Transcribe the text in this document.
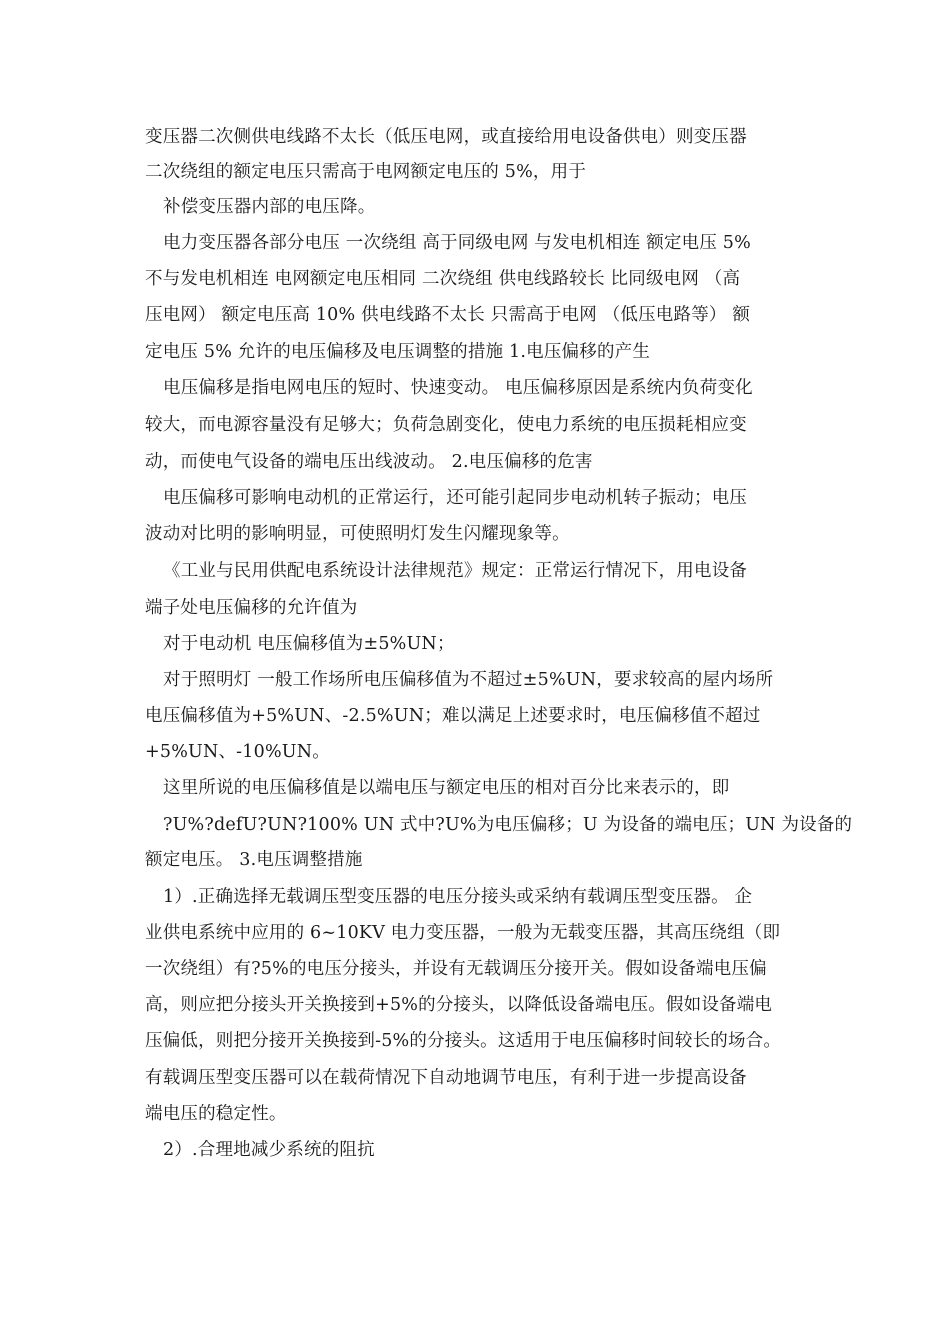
变压器二次侧供电线路不太长（低压电网，或直接给用电设备供电）则变压器
二次绕组的额定电压只需高于电网额定电压的 5%，用于
补偿变压器内部的电压降。
电力变压器各部分电压 一次绕组 高于同级电网 与发电机相连 额定电压 5%
不与发电机相连 电网额定电压相同 二次绕组 供电线路较长 比同级电网 （高
压电网） 额定电压高 10% 供电线路不太长 只需高于电网 （低压电路等） 额
定电压 5% 允许的电压偏移及电压调整的措施 1.电压偏移的产生
电压偏移是指电网电压的短时、快速变动。 电压偏移原因是系统内负荷变化
较大，而电源容量没有足够大；负荷急剧变化，使电力系统的电压损耗相应变
动，而使电气设备的端电压出线波动。 2.电压偏移的危害
电压偏移可影响电动机的正常运行，还可能引起同步电动机转子振动；电压
波动对比明的影响明显，可使照明灯发生闪耀现象等。
《工业与民用供配电系统设计法律规范》规定：正常运行情况下，用电设备
端子处电压偏移的允许值为
对于电动机 电压偏移值为±5%UN；
对于照明灯 一般工作场所电压偏移值为不超过±5%UN，要求较高的屋内场所
电压偏移值为+5%UN、-2.5%UN；难以满足上述要求时，电压偏移值不超过
+5%UN、-10%UN。
这里所说的电压偏移值是以端电压与额定电压的相对百分比来表示的，即
?U%?defU?UN?100% UN 式中?U%为电压偏移；U 为设备的端电压；UN 为设备的
额定电压。 3.电压调整措施
1）.正确选择无载调压型变压器的电压分接头或采纳有载调压型变压器。 企
业供电系统中应用的 6~10KV 电力变压器，一般为无载变压器，其高压绕组（即
一次绕组）有?5%的电压分接头，并设有无载调压分接开关。假如设备端电压偏
高，则应把分接头开关换接到+5%的分接头，以降低设备端电压。假如设备端电
压偏低，则把分接开关换接到-5%的分接头。这适用于电压偏移时间较长的场合。
有载调压型变压器可以在载荷情况下自动地调节电压，有利于进一步提高设备
端电压的稳定性。
2）.合理地减少系统的阻抗
